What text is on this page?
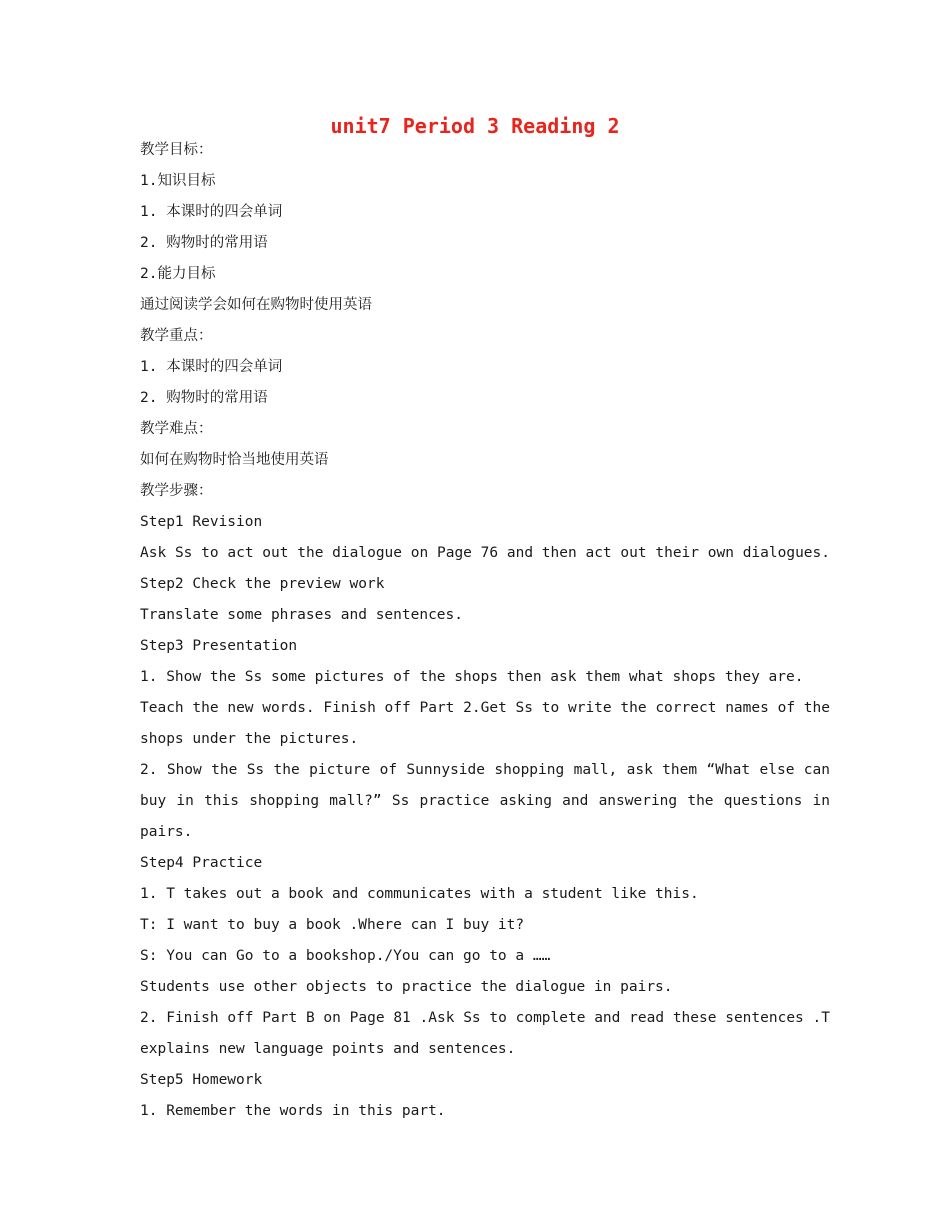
unit7 Period 3 Reading 2
教学目标：
1.知识目标
1. 本课时的四会单词
2. 购物时的常用语
2.能力目标
通过阅读学会如何在购物时使用英语
教学重点：
1. 本课时的四会单词
2. 购物时的常用语
教学难点：
如何在购物时恰当地使用英语
教学步骤：
Step1 Revision
Ask Ss to act out the dialogue on Page 76 and then act out their own dialogues.
Step2 Check the preview work
Translate some phrases and sentences.
Step3 Presentation
1. Show the Ss some pictures of the shops then ask them what shops they are.
Teach the new words. Finish off Part 2.Get Ss to write the correct names of the
shops under the pictures.
2. Show the Ss the picture of Sunnyside shopping mall, ask them “What else can
buy in this shopping mall?” Ss practice asking and answering the questions in
pairs.
Step4 Practice
1. T takes out a book and communicates with a student like this.
T: I want to buy a book .Where can I buy it?
S: You can Go to a bookshop./You can go to a ……
Students use other objects to practice the dialogue in pairs.
2. Finish off Part B on Page 81 .Ask Ss to complete and read these sentences .T
explains new language points and sentences.
Step5 Homework
1. Remember the words in this part.
